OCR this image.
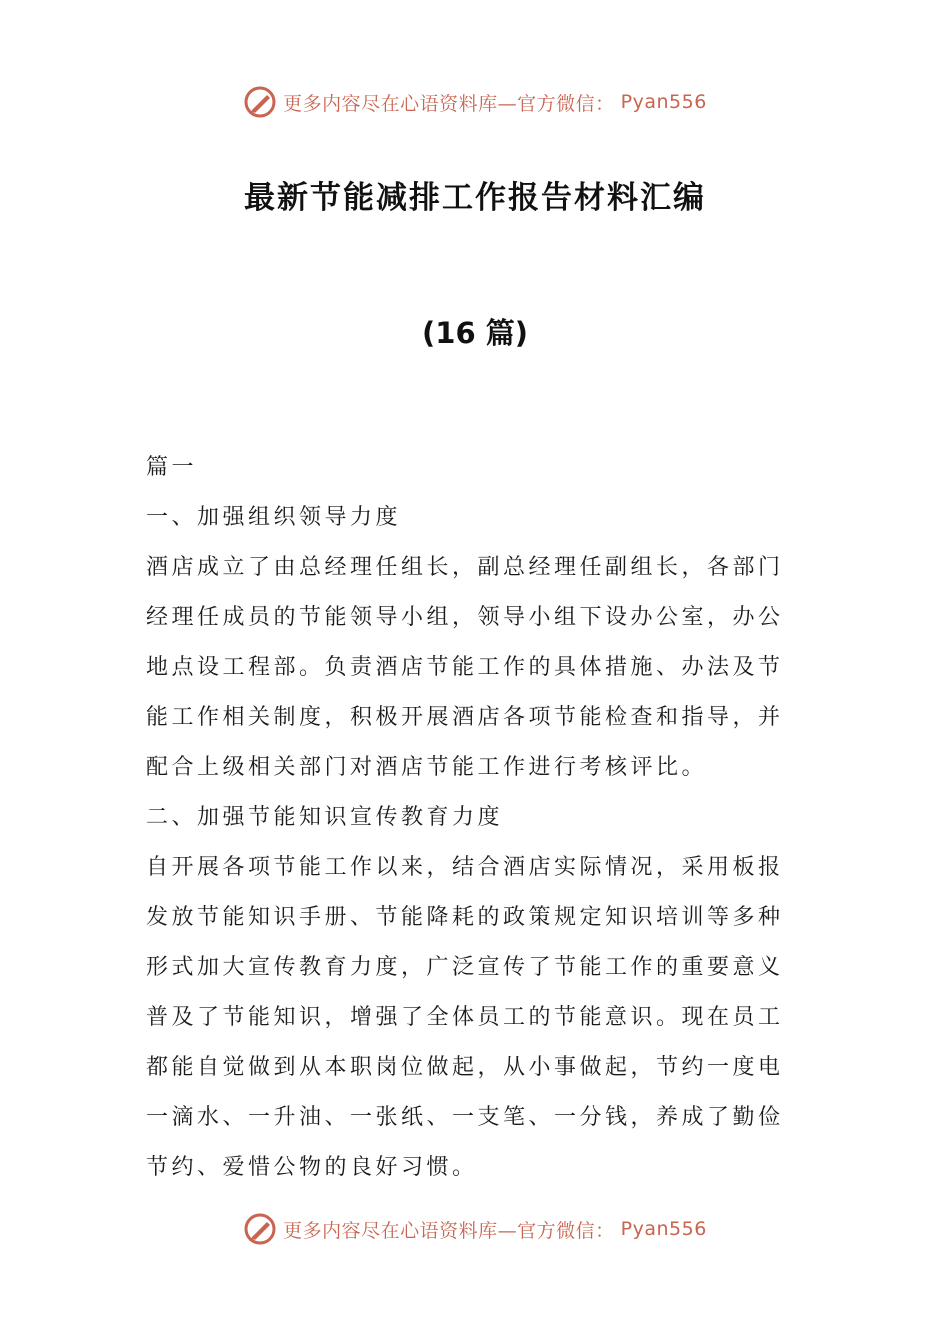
更多内容尽在心语资料库—官方微信： Pyan556
最新节能减排工作报告材料汇编
(16 篇)

篇一

一、加强组织领导力度

酒店成立了由总经理任组长，副总经理任副组长，各部门

经理任成员的节能领导小组，领导小组下设办公室，办公

地点设工程部。负责酒店节能工作的具体措施、办法及节

能工作相关制度，积极开展酒店各项节能检查和指导，并

配合上级相关部门对酒店节能工作进行考核评比。

二、加强节能知识宣传教育力度

自开展各项节能工作以来，结合酒店实际情况，采用板报

发放节能知识手册、节能降耗的政策规定知识培训等多种

形式加大宣传教育力度，广泛宣传了节能工作的重要意义

普及了节能知识，增强了全体员工的节能意识。现在员工

都能自觉做到从本职岗位做起，从小事做起，节约一度电

一滴水、一升油、一张纸、一支笔、一分钱，养成了勤俭

节约、爱惜公物的良好习惯。

更多内容尽在心语资料库—官方微信： Pyan556
